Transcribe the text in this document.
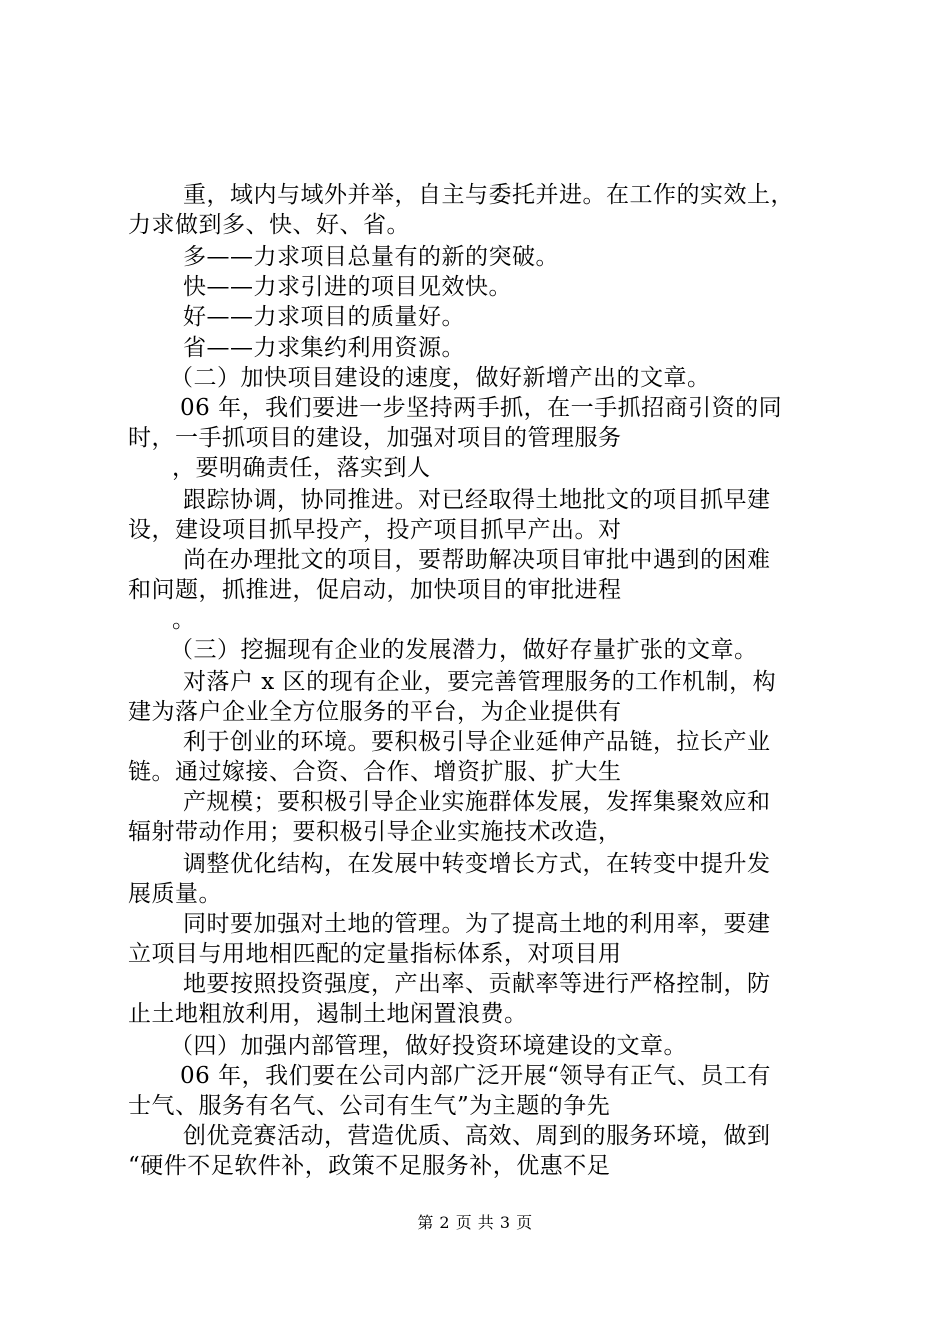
重，域内与域外并举，自主与委托并进。在工作的实效上，
力求做到多、快、好、省。
多——力求项目总量有的新的突破。
快——力求引进的项目见效快。
好——力求项目的质量好。
省——力求集约利用资源。
（二）加快项目建设的速度，做好新增产出的文章。
06 年，我们要进一步坚持两手抓，在一手抓招商引资的同
时，一手抓项目的建设，加强对项目的管理服务
，要明确责任，落实到人
跟踪协调，协同推进。对已经取得土地批文的项目抓早建
设，建设项目抓早投产，投产项目抓早产出。对
尚在办理批文的项目，要帮助解决项目审批中遇到的困难
和问题，抓推进，促启动，加快项目的审批进程
。
（三）挖掘现有企业的发展潜力，做好存量扩张的文章。
对落户 x 区的现有企业，要完善管理服务的工作机制，构
建为落户企业全方位服务的平台，为企业提供有
利于创业的环境。要积极引导企业延伸产品链，拉长产业
链。通过嫁接、合资、合作、增资扩服、扩大生
产规模；要积极引导企业实施群体发展，发挥集聚效应和
辐射带动作用；要积极引导企业实施技术改造，
调整优化结构，在发展中转变增长方式，在转变中提升发
展质量。
同时要加强对土地的管理。为了提高土地的利用率，要建
立项目与用地相匹配的定量指标体系，对项目用
地要按照投资强度，产出率、贡献率等进行严格控制，防
止土地粗放利用，遏制土地闲置浪费。
（四）加强内部管理，做好投资环境建设的文章。
06 年，我们要在公司内部广泛开展“领导有正气、员工有
士气、服务有名气、公司有生气”为主题的争先
创优竞赛活动，营造优质、高效、周到的服务环境，做到
“硬件不足软件补，政策不足服务补，优惠不足
第 2 页 共 3 页
